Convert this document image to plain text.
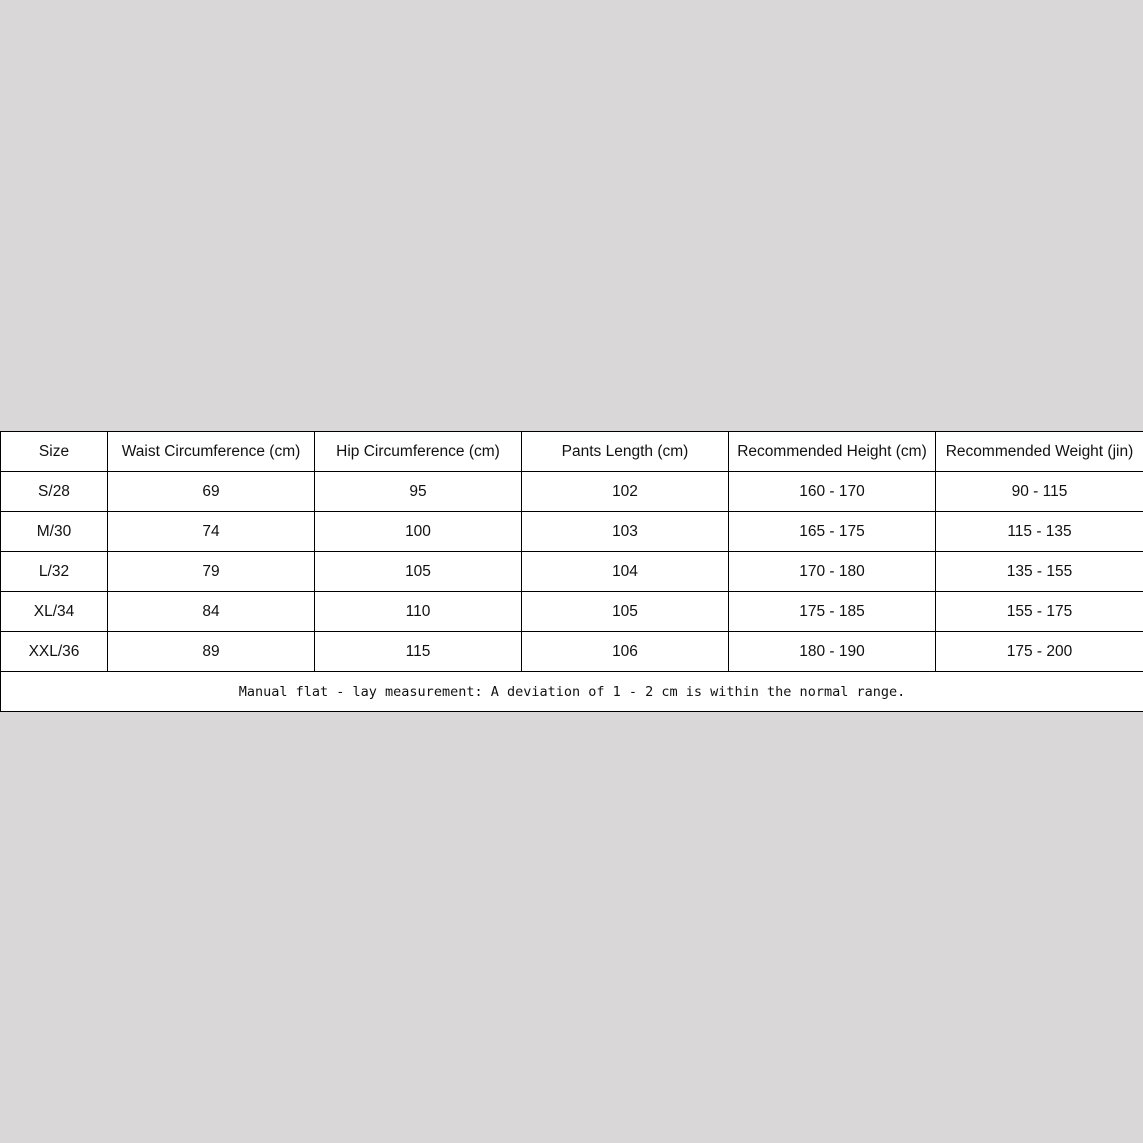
Size	Waist Circumference (cm)	Hip Circumference (cm)	Pants Length (cm)	Recommended Height (cm)	Recommended Weight (jin)
S/28	69	95	102	160 - 170	90 - 115
M/30	74	100	103	165 - 175	115 - 135
L/32	79	105	104	170 - 180	135 - 155
XL/34	84	110	105	175 - 185	155 - 175
XXL/36	89	115	106	180 - 190	175 - 200
Manual flat - lay measurement: A deviation of 1 - 2 cm is within the normal range.					
